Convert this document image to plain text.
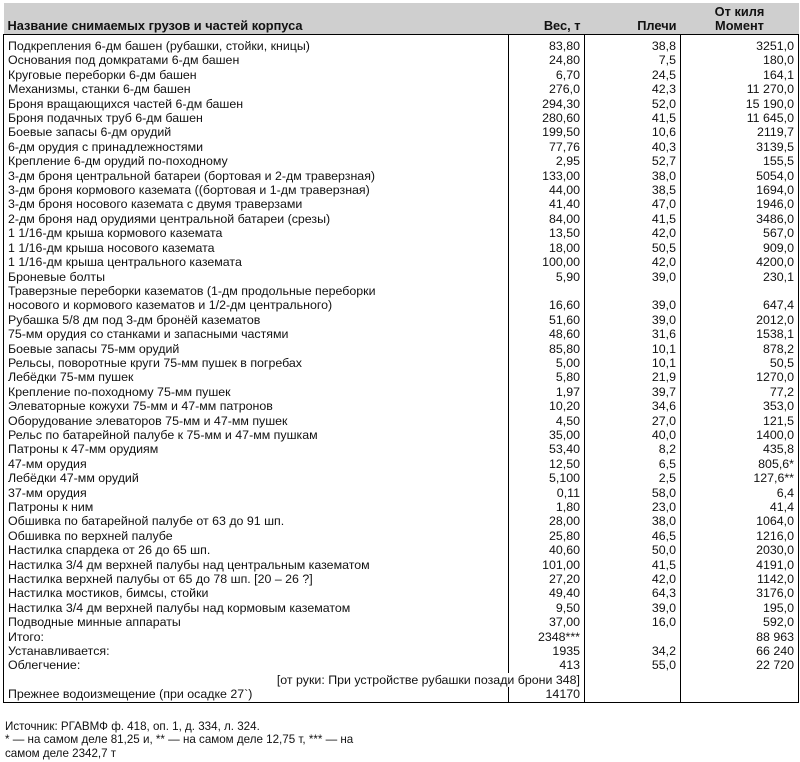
Название снимаемых грузов и частей корпуса	Вес, т	Плечи	От киля
Момент

Подкрепления 6-дм башен (рубашки, стойки, кницы)	83,80	38,8	3251,0
Основания под домкратами 6-дм башен	24,80	7,5	180,0
Круговые переборки 6-дм башен	6,70	24,5	164,1
Механизмы, станки 6-дм башен	276,0	42,3	11 270,0
Броня вращающихся частей 6-дм башен	294,30	52,0	15 190,0
Броня подачных труб 6-дм башен	280,60	41,5	11 645,0
Боевые запасы 6-дм орудий	199,50	10,6	2119,7
6-дм орудия с принадлежностями	77,76	40,3	3139,5
Крепление 6-дм орудий по-походному	2,95	52,7	155,5
3-дм броня центральной батареи (бортовая и 2-дм траверзная)	133,00	38,0	5054,0
3-дм броня кормового каземата ((бортовая и 1-дм траверзная)	44,00	38,5	1694,0
3-дм броня носового каземата с двумя траверзами	41,40	47,0	1946,0
2-дм броня над орудиями центральной батареи (срезы)	84,00	41,5	3486,0
1 1/16-дм крыша кормового каземата	13,50	42,0	567,0
1 1/16-дм крыша носового каземата	18,00	50,5	909,0
1 1/16-дм крыша центрального каземата	100,00	42,0	4200,0
Броневые болты	5,90	39,0	230,1
Траверзные переборки казематов (1-дм продольные переборки			
носового и кормового казематов и 1/2-дм центрального)	16,60	39,0	647,4
Рубашка 5/8 дм под 3-дм бронёй казематов	51,60	39,0	2012,0
75-мм орудия со станками и запасными частями	48,60	31,6	1538,1
Боевые запасы 75-мм орудий	85,80	10,1	878,2
Рельсы, поворотные круги 75-мм пушек в погребах	5,00	10,1	50,5
Лебёдки 75-мм пушек	5,80	21,9	1270,0
Крепление по-походному 75-мм пушек	1,97	39,7	77,2
Элеваторные кожухи 75-мм и 47-мм патронов	10,20	34,6	353,0
Оборудование элеваторов 75-мм и 47-мм пушек	4,50	27,0	121,5
Рельс по батарейной палубе к 75-мм и 47-мм пушкам	35,00	40,0	1400,0
Патроны к 47-мм орудиям	53,40	8,2	435,8
47-мм орудия	12,50	6,5	805,6*
Лебёдки 47-мм орудий	5,100	2,5	127,6**
37-мм орудия	0,11	58,0	6,4
Патроны к ним	1,80	23,0	41,4
Обшивка по батарейной палубе от 63 до 91 шп.	28,00	38,0	1064,0
Обшивка по верхней палубе	25,80	46,5	1216,0
Настилка спардека от 26 до 65 шп.	40,60	50,0	2030,0
Настилка 3/4 дм верхней палубы над центральным казематом	101,00	41,5	4191,0
Настилка верхней палубы от 65 до 78 шп. [20 – 26 ?]	27,20	42,0	1142,0
Настилка мостиков, бимсы, стойки	49,40	64,3	3176,0
Настилка 3/4 дм верхней палубы над кормовым казематом	9,50	39,0	195,0
Подводные минные аппараты	37,00	16,0	592,0
Итого:	2348***		88 963
Устанавливается:	1935	34,2	66 240
Облегчение:	413	55,0	22 720
[от руки: При устройстве рубашки позади брони 348]			
Прежнее водоизмещение (при осадке 27`)	14170		
Источник: РГАВМФ ф. 418, оп. 1, д. 334, л. 324.
* — на самом деле 81,25 и, ** — на самом деле 12,75 т, *** — на
самом деле 2342,7 т
